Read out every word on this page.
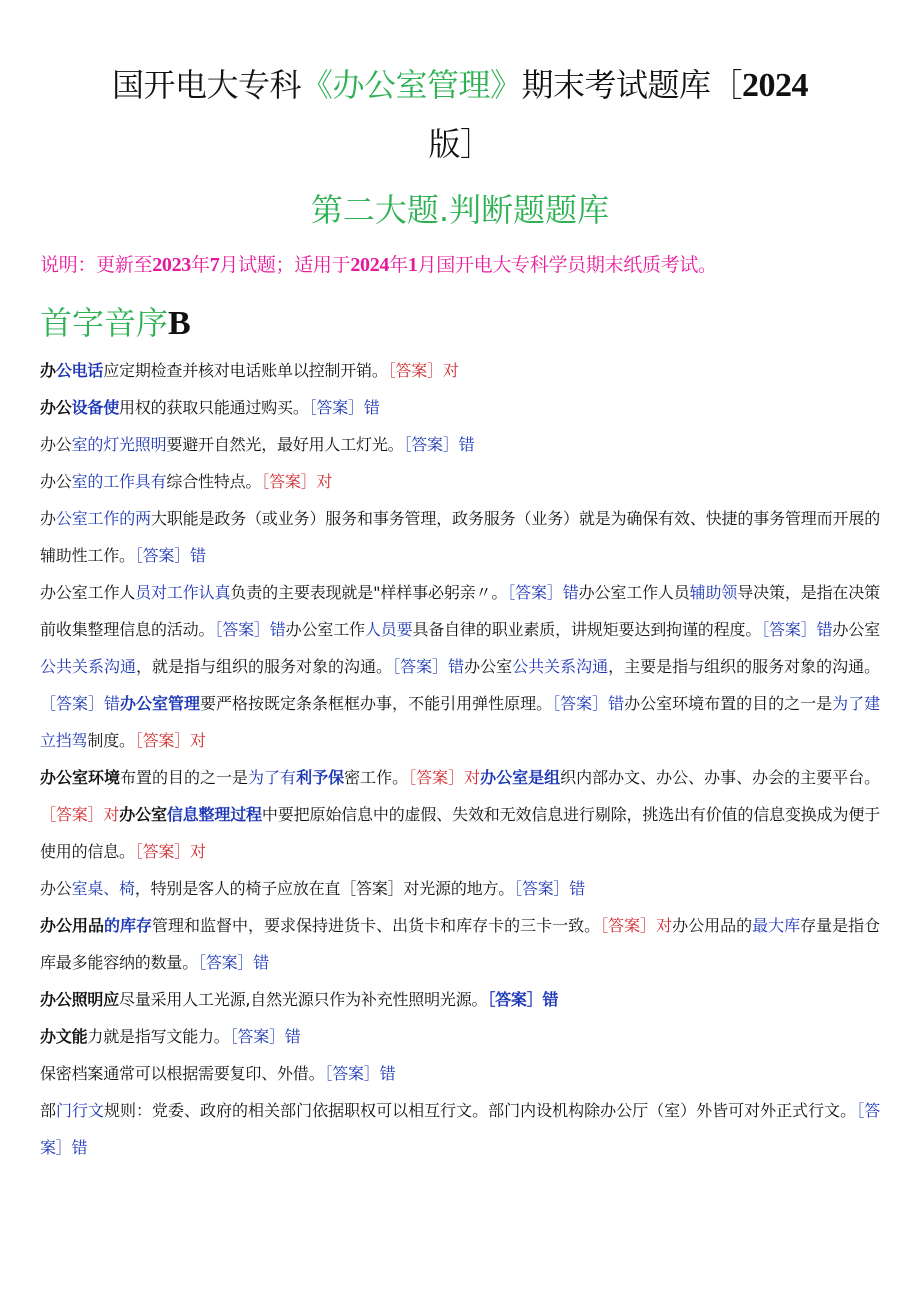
国开电大专科《办公室管理》期末考试题库［2024
版］
第二大题.判断题题库
说明：更新至2023年7月试题；适用于2024年1月国开电大专科学员期末纸质考试。
首字音序B

办公电话应定期检查并核对电话账单以控制开销。［答案］对

办公设备使用权的获取只能通过购买。［答案］错

办公室的灯光照明要避开自然光，最好用人工灯光。［答案］错

办公室的工作具有综合性特点。［答案］对

办公室工作的两大职能是政务（或业务）服务和事务管理，政务服务（业务）就是为确保有效、快捷的事务管理而开展的辅助性工作。［答案］错

办公室工作人员对工作认真负责的主要表现就是"样样事必躬亲〃。［答案］错办公室工作人员辅助领导决策，是指在决策前收集整理信息的活动。［答案］错办公室工作人员要具备自律的职业素质，讲规矩要达到拘谨的程度。［答案］错办公室公共关系沟通，就是指与组织的服务对象的沟通。［答案］错办公室公共关系沟通，主要是指与组织的服务对象的沟通。［答案］错办公室管理要严格按既定条条框框办事，不能引用弹性原理。［答案］错办公室环境布置的目的之一是为了建立挡驾制度。［答案］对

办公室环境布置的目的之一是为了有利予保密工作。［答案］对办公室是组织内部办文、办公、办事、办会的主要平台。［答案］对办公室信息整理过程中要把原始信息中的虚假、失效和无效信息进行剔除，挑选出有价值的信息变换成为便于使用的信息。［答案］对

办公室桌、椅，特别是客人的椅子应放在直［答案］对光源的地方。［答案］错

办公用品的库存管理和监督中，要求保持进货卡、出货卡和库存卡的三卡一致。［答案］对办公用品的最大库存量是指仓库最多能容纳的数量。［答案］错

办公照明应尽量采用人工光源,自然光源只作为补充性照明光源。［答案］错

办文能力就是指写文能力。［答案］错

保密档案通常可以根据需要复印、外借。［答案］错

部门行文规则：党委、政府的相关部门依据职权可以相互行文。部门内设机构除办公厅（室）外皆可对外正式行文。［答案］错
